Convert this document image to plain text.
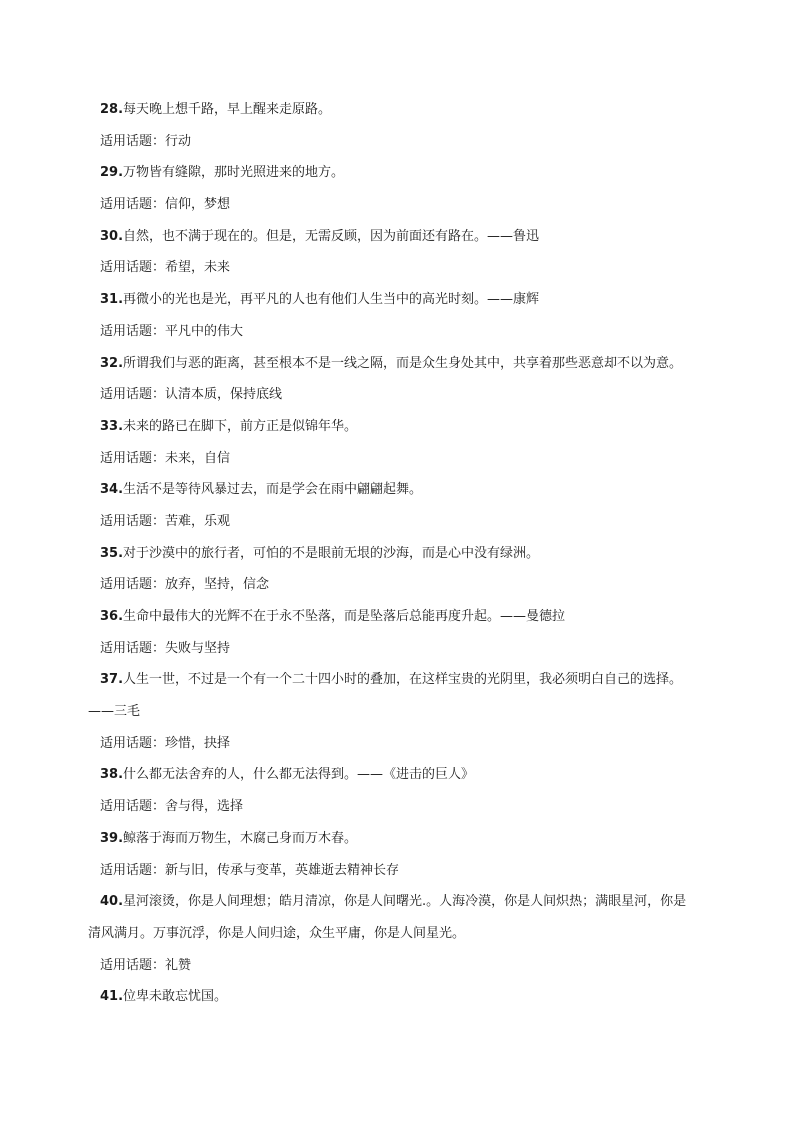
28.每天晚上想千路，早上醒来走原路。
适用话题：行动
29.万物皆有缝隙，那时光照进来的地方。
适用话题：信仰，梦想
30.自然，也不满于现在的。但是，无需反顾，因为前面还有路在。——鲁迅
适用话题：希望，未来
31.再微小的光也是光，再平凡的人也有他们人生当中的高光时刻。——康辉
适用话题：平凡中的伟大
32.所谓我们与恶的距离，甚至根本不是一线之隔，而是众生身处其中，共享着那些恶意却不以为意。
适用话题：认清本质，保持底线
33.未来的路已在脚下，前方正是似锦年华。
适用话题：未来，自信
34.生活不是等待风暴过去，而是学会在雨中翩翩起舞。
适用话题：苦难，乐观
35.对于沙漠中的旅行者，可怕的不是眼前无垠的沙海，而是心中没有绿洲。
适用话题：放弃，坚持，信念
36.生命中最伟大的光辉不在于永不坠落，而是坠落后总能再度升起。——曼德拉
适用话题：失败与坚持
37.人生一世，不过是一个有一个二十四小时的叠加，在这样宝贵的光阴里，我必须明白自己的选择。
——三毛
适用话题：珍惜，抉择
38.什么都无法舍弃的人，什么都无法得到。——《进击的巨人》
适用话题：舍与得，选择
39.鲸落于海而万物生，木腐己身而万木春。
适用话题：新与旧，传承与变革，英雄逝去精神长存
40.星河滚烫，你是人间理想；皓月清凉，你是人间曙光.。人海冷漠，你是人间炽热；满眼星河，你是
清风满月。万事沉浮，你是人间归途，众生平庸，你是人间星光。
适用话题：礼赞
41.位卑未敢忘忧国。
